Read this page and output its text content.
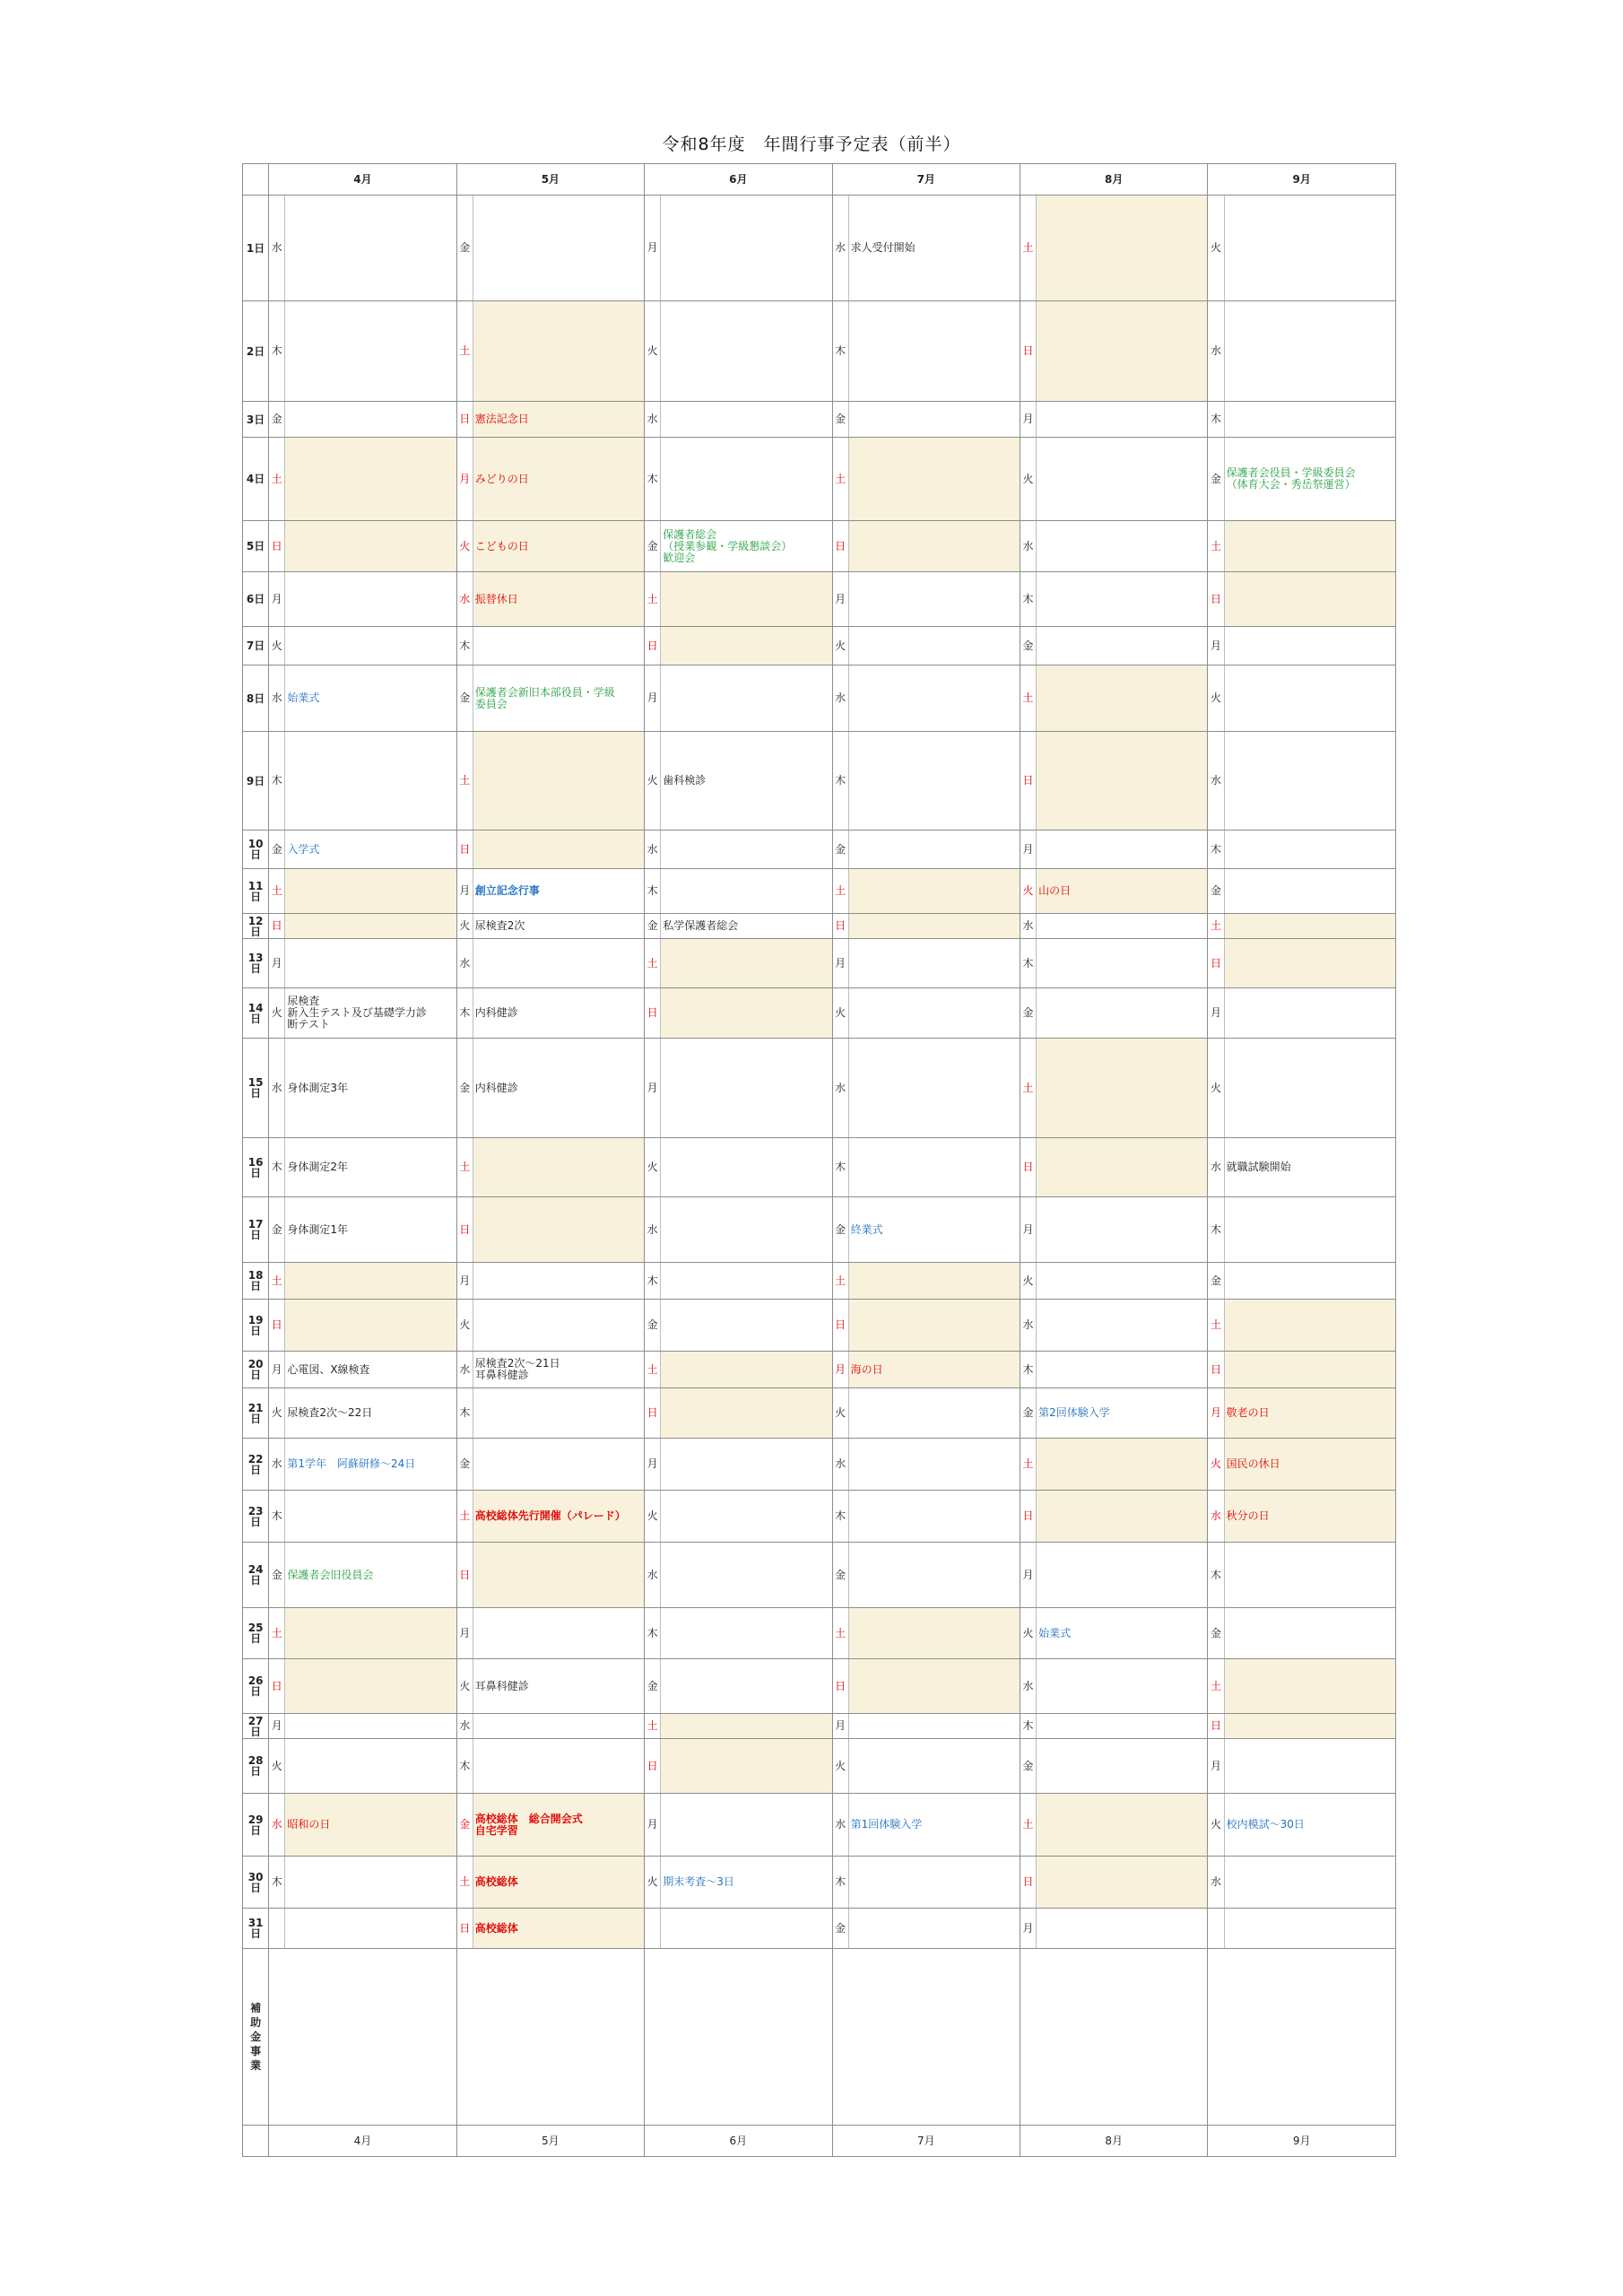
令和8年度　年間行事予定表（前半）
	4月		5月		6月		7月		8月		9月	
1日	水		金		月		水	求人受付開始	土		火	
2日	木		土		火		木		日		水	
3日	金		日	憲法記念日	水		金		月		木	
4日	土		月	みどりの日	木		土		火		金	保護者会役員・学級委員会
（体育大会・秀岳祭運営）

5日	日		火	こどもの日	金	保護者総会
（授業参観・学級懇談会）
歓迎会	日		水		土	
6日	月		水	振替休日	土		月		木		日	
7日	火		木		日		火		金		月	
8日	水	始業式	金	保護者会新旧本部役員・学級
委員会	月		水		土		火	
9日	木		土		火	歯科検診	木		日		水	
10日	金	入学式	日		水		金		月		木	
11日	土		月	創立記念行事	木		土		火	山の日	金	
12日	日		火	尿検査2次	金	私学保護者総会	日		水		土	
13日	月		水		土		月		木		日	
14日	火	尿検査
新入生テスト及び基礎学力診
断テスト	木	内科健診	日		火		金		月	
15日	水	身体測定3年	金	内科健診	月		水		土		火	
16日	木	身体測定2年	土		火		木		日		水	就職試験開始

17日	金	身体測定1年	日		水		金	終業式	月		木	
18日	土		月		木		土		火		金	
19日	日		火		金		日		水		土	
20日	月	心電図、X線検査	水	尿検査2次～21日
耳鼻科健診	土		月	海の日	木		日	
21日	火	尿検査2次～22日	木		日		火		金	第2回体験入学	月	敬老の日

22日	水	第1学年　阿蘇研修～24日	金		月		水		土		火	国民の休日

23日	木		土	高校総体先行開催（パレード）	火		木		日		水	秋分の日

24日	金	保護者会旧役員会	日		水		金		月		木	
25日	土		月		木		土		火	始業式	金	
26日	日		火	耳鼻科健診	金		日		水		土	
27日	月		水		土		月		木		日	
28日	火		木		日		火		金		月	
29日	水	昭和の日	金	高校総体　総合開会式
自宅学習	月		水	第1回体験入学	土		火	校内模試～30日

30日	木		土	高校総体	火	期末考査～3日	木		日		水	
31日			日	高校総体			金		月			
補助金事業												
	4月		5月		6月		7月		8月		9月	
